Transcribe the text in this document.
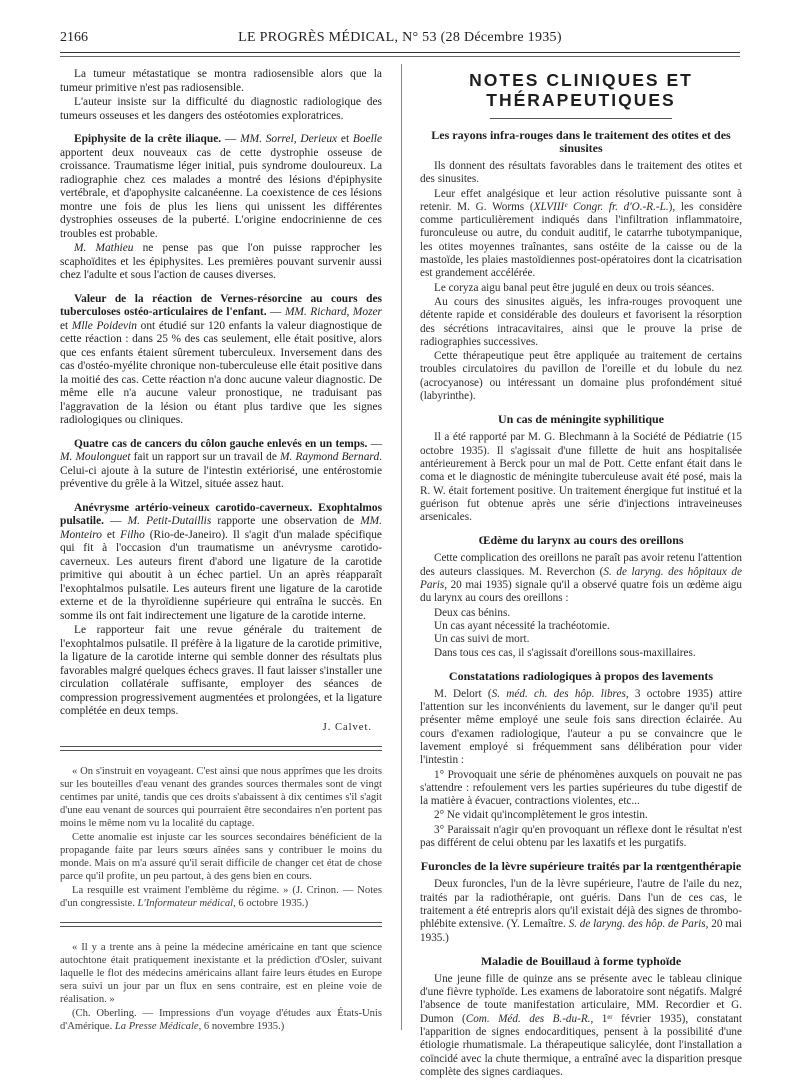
2166	LE PROGRÈS MÉDICAL, N° 53 (28 Décembre 1935)

La tumeur métastatique se montra radiosensible alors que la tumeur primitive n'est pas radiosensible.

L'auteur insiste sur la difficulté du diagnostic radiologique des tumeurs osseuses et les dangers des ostéotomies exploratrices.

Epiphysite de la crête iliaque. — MM. Sorrel, Derieux et Boelle apportent deux nouveaux cas de cette dystrophie osseuse de croissance. Traumatisme léger initial, puis syndrome douloureux. La radiographie chez ces malades a montré des lésions d'épiphysite vertébrale, et d'apophysite calcanéenne. La coexistence de ces lésions montre une fois de plus les liens qui unissent les différentes dystrophies osseuses de la puberté. L'origine endocrinienne de ces troubles est probable.

M. Mathieu ne pense pas que l'on puisse rapprocher les scaphoïdites et les épiphysites. Les premières pouvant survenir aussi chez l'adulte et sous l'action de causes diverses.

Valeur de la réaction de Vernes-résorcine au cours des tuberculoses ostéo-articulaires de l'enfant. — MM. Richard, Mozer et Mlle Poidevin ont étudié sur 120 enfants la valeur diagnostique de cette réaction : dans 25 % des cas seulement, elle était positive, alors que ces enfants étaient sûrement tuberculeux. Inversement dans des cas d'ostéo-myélite chronique non-tuberculeuse elle était positive dans la moitié des cas. Cette réaction n'a donc aucune valeur diagnostic. De même elle n'a aucune valeur pronostique, ne traduisant pas l'aggravation de la lésion ou étant plus tardive que les signes radiologiques ou cliniques.

Quatre cas de cancers du côlon gauche enlevés en un temps. — M. Moulonguet fait un rapport sur un travail de M. Raymond Bernard. Celui-ci ajoute à la suture de l'intestin extériorisé, une entérostomie préventive du grêle à la Witzel, située assez haut.

Anévrysme artério-veineux carotido-caverneux. Exophtalmos pulsatile. — M. Petit-Dutaillis rapporte une observation de MM. Monteiro et Filho (Rio-de-Janeiro). Il s'agit d'un malade spécifique qui fit à l'occasion d'un traumatisme un anévrysme carotido-caverneux. Les auteurs firent d'abord une ligature de la carotide primitive qui aboutit à un échec partiel. Un an après réapparaît l'exophtalmos pulsatile. Les auteurs firent une ligature de la carotide externe et de la thyroïdienne supérieure qui entraîna le succès. En somme ils ont fait indirectement une ligature de la carotide interne.

Le rapporteur fait une revue générale du traitement de l'exophtalmos pulsatile. Il préfère à la ligature de la carotide primitive, la ligature de la carotide interne qui semble donner des résultats plus favorables malgré quelques échecs graves. Il faut laisser s'installer une circulation collatérale suffisante, employer des séances de compression progressivement augmentées et prolongées, et la ligature complétée en deux temps.

J. Calvet.

« On s'instruit en voyageant. C'est ainsi que nous apprîmes que les droits sur les bouteilles d'eau venant des grandes sources thermales sont de vingt centimes par unité, tandis que ces droits s'abaissent à dix centimes s'il s'agit d'une eau venant de sources qui pourraient être secondaires n'en portent pas moins le même nom vu la localité du captage.

Cette anomalie est injuste car les sources secondaires bénéficient de la propagande faite par leurs sœurs aînées sans y contribuer le moins du monde. Mais on m'a assuré qu'il serait difficile de changer cet état de chose parce qu'il profite, un peu partout, à des gens bien en cours.

La resquille est vraiment l'emblème du régime. » (J. Crinon. — Notes d'un congressiste. L'Informateur médical, 6 octobre 1935.)

« Il y a trente ans à peine la médecine américaine en tant que science autochtone était pratiquement inexistante et la prédiction d'Osler, suivant laquelle le flot des médecins américains allant faire leurs études en Europe sera suivi un jour par un flux en sens contraire, est en pleine voie de réalisation. »

(Ch. Oberling. — Impressions d'un voyage d'études aux États-Unis d'Amérique. La Presse Médicale, 6 novembre 1935.)

NOTES CLINIQUES ET THÉRAPEUTIQUES
Les rayons infra-rouges dans le traitement des otites et des sinusites

Ils donnent des résultats favorables dans le traitement des otites et des sinusites.

Leur effet analgésique et leur action résolutive puissante sont à retenir. M. G. Worms (XLVIIIᵉ Congr. fr. d'O.-R.-L.), les considère comme particulièrement indiqués dans l'infiltration inflammatoire, furonculeuse ou autre, du conduit auditif, le catarrhe tubotympanique, les otites moyennes traînantes, sans ostéite de la caisse ou de la mastoïde, les plaies mastoïdiennes post-opératoires dont la cicatrisation est grandement accélérée.

Le coryza aigu banal peut être jugulé en deux ou trois séances.

Au cours des sinusites aiguës, les infra-rouges provoquent une détente rapide et considérable des douleurs et favorisent la résorption des sécrétions intracavitaires, ainsi que le prouve la prise de radiographies successives.

Cette thérapeutique peut être appliquée au traitement de certains troubles circulatoires du pavillon de l'oreille et du lobule du nez (acrocyanose) ou intéressant un domaine plus profondément situé (labyrinthe).

Un cas de méningite syphilitique

Il a été rapporté par M. G. Blechmann à la Société de Pédiatrie (15 octobre 1935). Il s'agissait d'une fillette de huit ans hospitalisée antérieurement à Berck pour un mal de Pott. Cette enfant était dans le coma et le diagnostic de méningite tuberculeuse avait été posé, mais la R. W. était fortement positive. Un traitement énergique fut institué et la guérison fut obtenue après une série d'injections intraveineuses arsenicales.

Œdème du larynx au cours des oreillons

Cette complication des oreillons ne paraît pas avoir retenu l'attention des auteurs classiques. M. Reverchon (S. de laryng. des hôpitaux de Paris, 20 mai 1935) signale qu'il a observé quatre fois un œdème aigu du larynx au cours des oreillons :

Deux cas bénins.

Un cas ayant nécessité la trachéotomie.

Un cas suivi de mort.

Dans tous ces cas, il s'agissait d'oreillons sous-maxillaires.

Constatations radiologiques à propos des lavements

M. Delort (S. méd. ch. des hôp. libres, 3 octobre 1935) attire l'attention sur les inconvénients du lavement, sur le danger qu'il peut présenter même employé une seule fois sans direction éclairée. Au cours d'examen radiologique, l'auteur a pu se convaincre que le lavement employé si fréquemment sans délibération pour vider l'intestin :

1° Provoquait une série de phénomènes auxquels on pouvait ne pas s'attendre : refoulement vers les parties supérieures du tube digestif de la matière à évacuer, contractions violentes, etc...

2° Ne vidait qu'incomplètement le gros intestin.

3° Paraissait n'agir qu'en provoquant un réflexe dont le résultat n'est pas différent de celui obtenu par les laxatifs et les purgatifs.

Furoncles de la lèvre supérieure traités par la rœntgenthérapie

Deux furoncles, l'un de la lèvre supérieure, l'autre de l'aile du nez, traités par la radiothérapie, ont guéris. Dans l'un de ces cas, le traitement a été entrepris alors qu'il existait déjà des signes de thrombo-phlébite extensive. (Y. Lemaître. S. de laryng. des hôp. de Paris, 20 mai 1935.)

Maladie de Bouillaud à forme typhoïde

Une jeune fille de quinze ans se présente avec le tableau clinique d'une fièvre typhoïde. Les examens de laboratoire sont négatifs. Malgré l'absence de toute manifestation articulaire, MM. Recordier et G. Dumon (Com. Méd. des B.-du-R., 1ᵉʳ février 1935), constatant l'apparition de signes endocarditiques, pensent à la possibilité d'une étiologie rhumatismale. La thérapeutique salicylée, dont l'installation a coïncidé avec la chute thermique, a entraîné avec la disparition presque complète des signes cardiaques.
